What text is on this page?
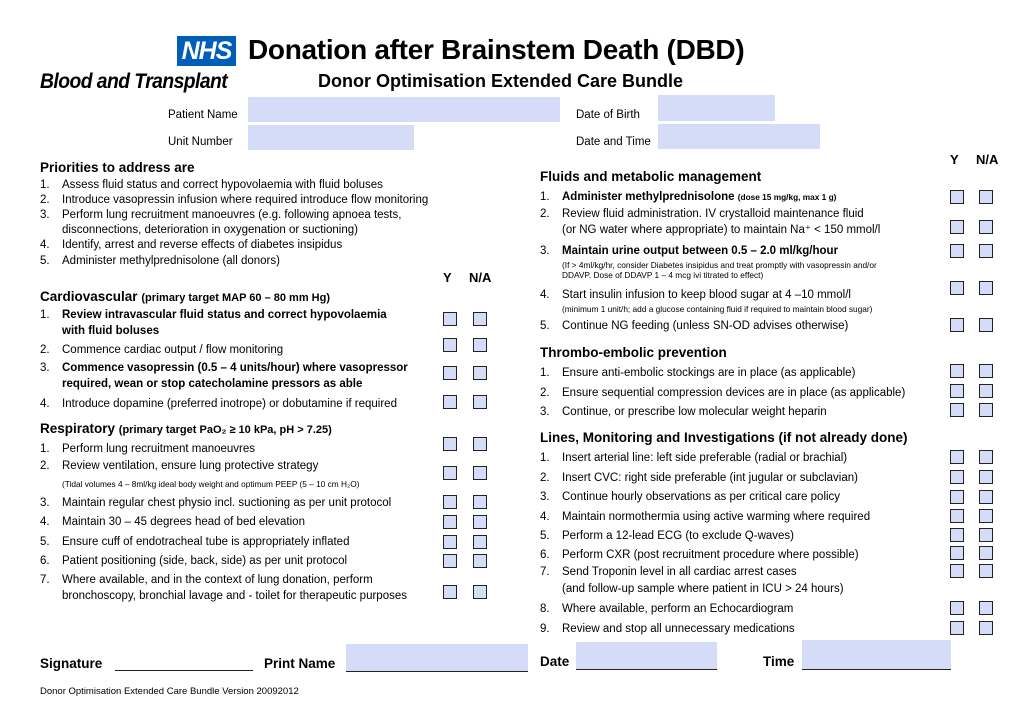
NHS
Blood and Transplant
Donation after Brainstem Death (DBD)
Donor Optimisation Extended Care Bundle
Patient Name
Unit Number
Date of Birth
Date and Time
Priorities to address are
1. Assess fluid status and correct hypovolaemia with fluid boluses
2. Introduce vasopressin infusion where required introduce flow monitoring
3. Perform lung recruitment manoeuvres (e.g. following apnoea tests,
disconnections, deterioration in oxygenation or suctioning)
4. Identify, arrest and reverse effects of diabetes insipidus
5. Administer methylprednisolone (all donors)
Y N/A
Cardiovascular (primary target MAP 60 – 80 mm Hg)
1. Review intravascular fluid status and correct hypovolaemia
with fluid boluses
2. Commence cardiac output / flow monitoring
3. Commence vasopressin (0.5 – 4 units/hour) where vasopressor
required, wean or stop catecholamine pressors as able
4. Introduce dopamine (preferred inotrope) or dobutamine if required
Respiratory (primary target PaO₂ ≥ 10 kPa, pH > 7.25)
1. Perform lung recruitment manoeuvres
2. Review ventilation, ensure lung protective strategy
(Tidal volumes 4 – 8ml/kg ideal body weight and optimum PEEP (5 – 10 cm H₂O)
3. Maintain regular chest physio incl. suctioning as per unit protocol
4. Maintain 30 – 45 degrees head of bed elevation
5. Ensure cuff of endotracheal tube is appropriately inflated
6. Patient positioning (side, back, side) as per unit protocol
7. Where available, and in the context of lung donation, perform
bronchoscopy, bronchial lavage and - toilet for therapeutic purposes
Y N/A
Fluids and metabolic management
1. Administer methylprednisolone (dose 15 mg/kg, max 1 g)
2. Review fluid administration. IV crystalloid maintenance fluid
(or NG water where appropriate) to maintain Na⁺ < 150 mmol/l
3. Maintain urine output between 0.5 – 2.0 ml/kg/hour
(If > 4ml/kg/hr, consider Diabetes insipidus and treat promptly with vasopressin and/or
DDAVP. Dose of DDAVP 1 – 4 mcg ivi titrated to effect)
4. Start insulin infusion to keep blood sugar at 4 –10 mmol/l
(minimum 1 unit/h; add a glucose containing fluid if required to maintain blood sugar)
5. Continue NG feeding (unless SN-OD advises otherwise)
Thrombo-embolic prevention
1. Ensure anti-embolic stockings are in place (as applicable)
2. Ensure sequential compression devices are in place (as applicable)
3. Continue, or prescribe low molecular weight heparin
Lines, Monitoring and Investigations (if not already done)
1. Insert arterial line: left side preferable (radial or brachial)
2. Insert CVC: right side preferable (int jugular or subclavian)
3. Continue hourly observations as per critical care policy
4. Maintain normothermia using active warming where required
5. Perform a 12-lead ECG (to exclude Q-waves)
6. Perform CXR (post recruitment procedure where possible)
7. Send Troponin level in all cardiac arrest cases
(and follow-up sample where patient in ICU > 24 hours)
8. Where available, perform an Echocardiogram
9. Review and stop all unnecessary medications
Signature	Print Name	Date	Time
Donor Optimisation Extended Care Bundle Version 20092012
